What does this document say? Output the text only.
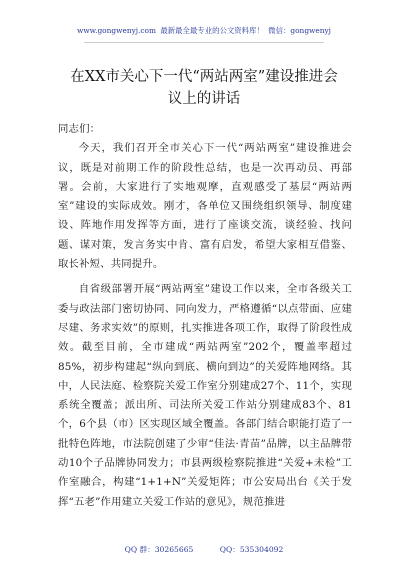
www.gongwenyj.com 最新最全最专业的公文资料库！ 微信：gongwenyj
在XX市关心下一代“两站两室”建设推进会
议上的讲话

同志们：

今天，我们召开全市关心下一代“两站两室”建设推进会议，既是对前期工作的阶段性总结，也是一次再动员、再部署。会前，大家进行了实地观摩，直观感受了基层“两站两室”建设的实际成效。刚才，各单位又围绕组织领导、制度建设、阵地作用发挥等方面，进行了座谈交流，谈经验、找问题、谋对策，发言务实中肯、富有启发，希望大家相互借鉴、取长补短、共同提升。

自省级部署开展“两站两室”建设工作以来，全市各级关工委与政法部门密切协同、同向发力，严格遵循“以点带面、应建尽建、务求实效”的原则，扎实推进各项工作，取得了阶段性成效。截至目前，全市建成“两站两室”202个，覆盖率超过85%，初步构建起“纵向到底、横向到边”的关爱阵地网络。其中，人民法庭、检察院关爱工作室分别建成27个、11个，实现系统全覆盖；派出所、司法所关爱工作站分别建成83个、81个，6个县（市）区实现区域全覆盖。各部门结合职能打造了一批特色阵地，市法院创建了少审“佳法·青苗”品牌，以主品牌带动10个子品牌协同发力；市县两级检察院推进“关爱+未检”工作室融合，构建“1+1+N”关爱矩阵；市公安局出台《关于发挥“五老”作用建立关爱工作站的意见》，规范推进

QQ 群：30265665	QQ：535304092
